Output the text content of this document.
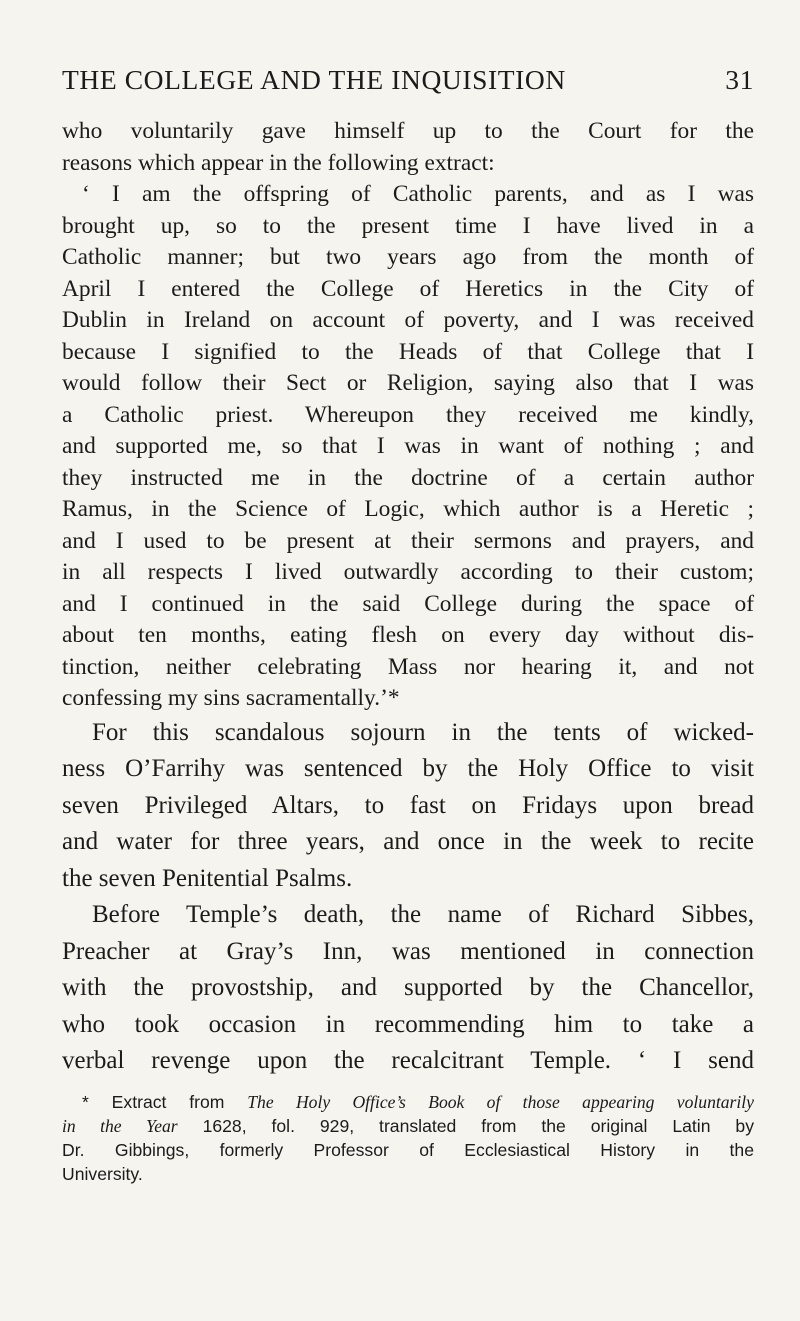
THE COLLEGE AND THE INQUISITION	31
who voluntarily gave himself up to the Court for the
reasons which appear in the following extract:
‘ I am the offspring of Catholic parents, and as I was
brought up, so to the present time I have lived in a
Catholic manner; but two years ago from the month of
April I entered the College of Heretics in the City of
Dublin in Ireland on account of poverty, and I was received
because I signified to the Heads of that College that I
would follow their Sect or Religion, saying also that I was
a Catholic priest. Whereupon they received me kindly,
and supported me, so that I was in want of nothing ; and
they instructed me in the doctrine of a certain author
Ramus, in the Science of Logic, which author is a Heretic ;
and I used to be present at their sermons and prayers, and
in all respects I lived outwardly according to their custom;
and I continued in the said College during the space of
about ten months, eating flesh on every day without dis-
tinction, neither celebrating Mass nor hearing it, and not
confessing my sins sacramentally.’*
For this scandalous sojourn in the tents of wicked-
ness O’Farrihy was sentenced by the Holy Office to visit
seven Privileged Altars, to fast on Fridays upon bread
and water for three years, and once in the week to recite
the seven Penitential Psalms.
Before Temple’s death, the name of Richard Sibbes,
Preacher at Gray’s Inn, was mentioned in connection
with the provostship, and supported by the Chancellor,
who took occasion in recommending him to take a
verbal revenge upon the recalcitrant Temple. ‘ I send
* Extract from The Holy Office’s Book of those appearing voluntarily
in the Year 1628, fol. 929, translated from the original Latin by
Dr. Gibbings, formerly Professor of Ecclesiastical History in the
University.
